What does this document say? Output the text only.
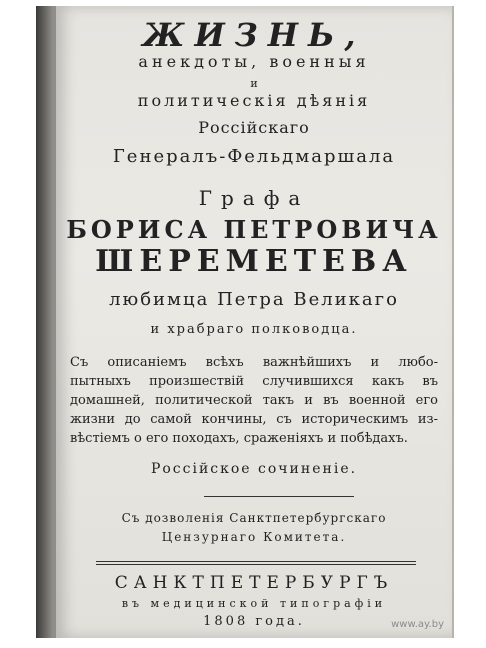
ЖИЗНЬ,
анекдоты, военныя
и
политическія дѣянія
Россійскаго
Генералъ-Фельдмаршала
Графа
БОРИСА ПЕТРОВИЧА
ШЕРЕМЕТЕВА
любимца Петра Великаго
и храбраго полководца.
Съ описаніемъ всѣхъ важнѣйшихъ и любо-
пытныхъ произшествій случившихся какъ въ
домашней, политической такъ и въ военной его
жизни до самой кончины, съ историческимъ из-
вѣстіемъ о его походахъ, сраженіяхъ и побѣдахъ.
Россійское сочиненіе.
Съ дозволенія Санктпетербургскаго
Цензурнаго Комитета.
САНКТПЕТЕРБУРГЪ
въ медицинской типографіи
1808 года.	www.ay.by
